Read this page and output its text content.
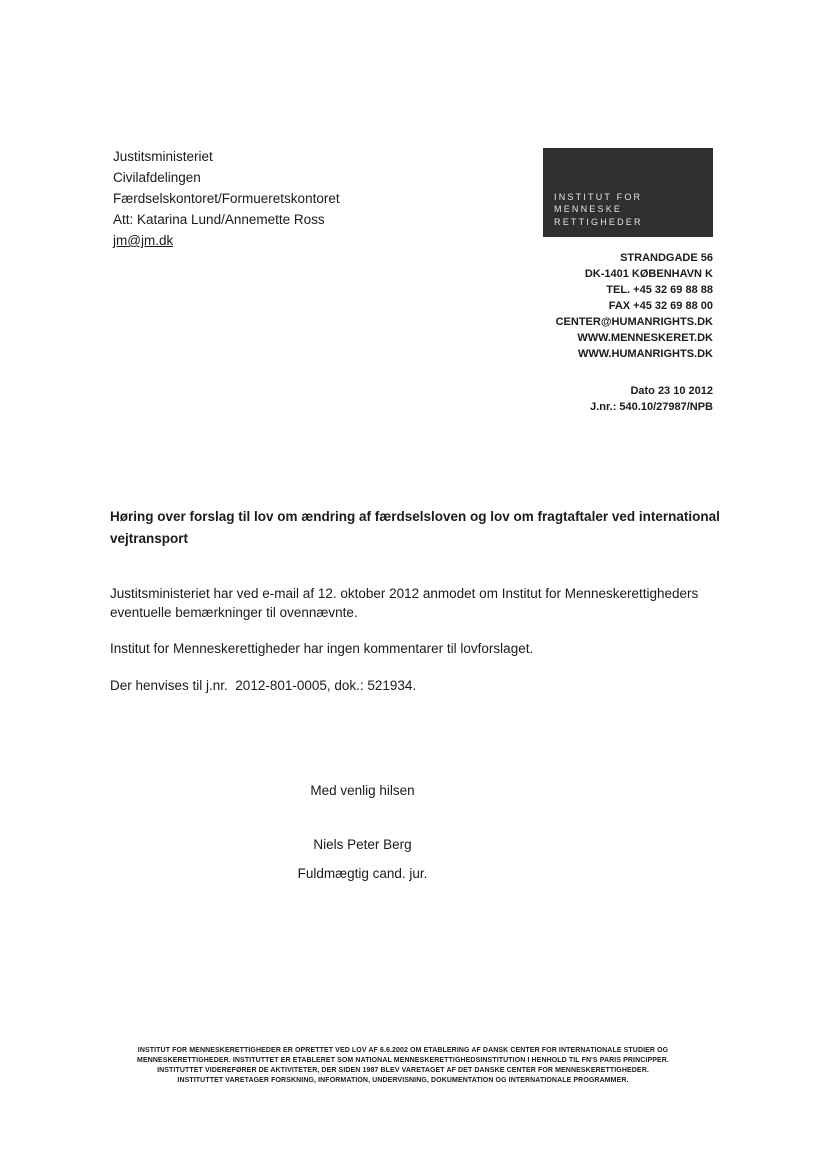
Justitsministeriet
Civilafdelingen
Færdselskontoret/Formueretskontoret
Att: Katarina Lund/Annemette Ross
jm@jm.dk
INSTITUT FOR
MENNESKE
RETTIGHEDER
STRANDGADE 56
DK-1401 KØBENHAVN K
TEL. +45 32 69 88 88
FAX +45 32 69 88 00
CENTER@HUMANRIGHTS.DK
WWW.MENNESKERET.DK
WWW.HUMANRIGHTS.DK
Dato 23 10 2012
J.nr.: 540.10/27987/NPB
Høring over forslag til lov om ændring af færdselsloven og lov om fragtaftaler ved international
vejtransport

Justitsministeriet har ved e-mail af 12. oktober 2012 anmodet om Institut for Menneskerettigheders eventuelle bemærkninger til ovennævnte.

Institut for Menneskerettigheder har ingen kommentarer til lovforslaget.

Der henvises til j.nr.  2012-801-0005, dok.: 521934.

Med venlig hilsen
Niels Peter Berg
Fuldmægtig cand. jur.
INSTITUT FOR MENNESKERETTIGHEDER ER OPRETTET VED LOV AF 6.6.2002 OM ETABLERING AF DANSK CENTER FOR INTERNATIONALE STUDIER OG
MENNESKERETTIGHEDER. INSTITUTTET ER ETABLERET SOM NATIONAL MENNESKERETTIGHEDSINSTITUTION I HENHOLD TIL FN'S PARIS PRINCIPPER.
INSTITUTTET VIDEREFØRER DE AKTIVITETER, DER SIDEN 1987 BLEV VARETAGET AF DET DANSKE CENTER FOR MENNESKERETTIGHEDER.
INSTITUTTET VARETAGER FORSKNING, INFORMATION, UNDERVISNING, DOKUMENTATION OG INTERNATIONALE PROGRAMMER.
